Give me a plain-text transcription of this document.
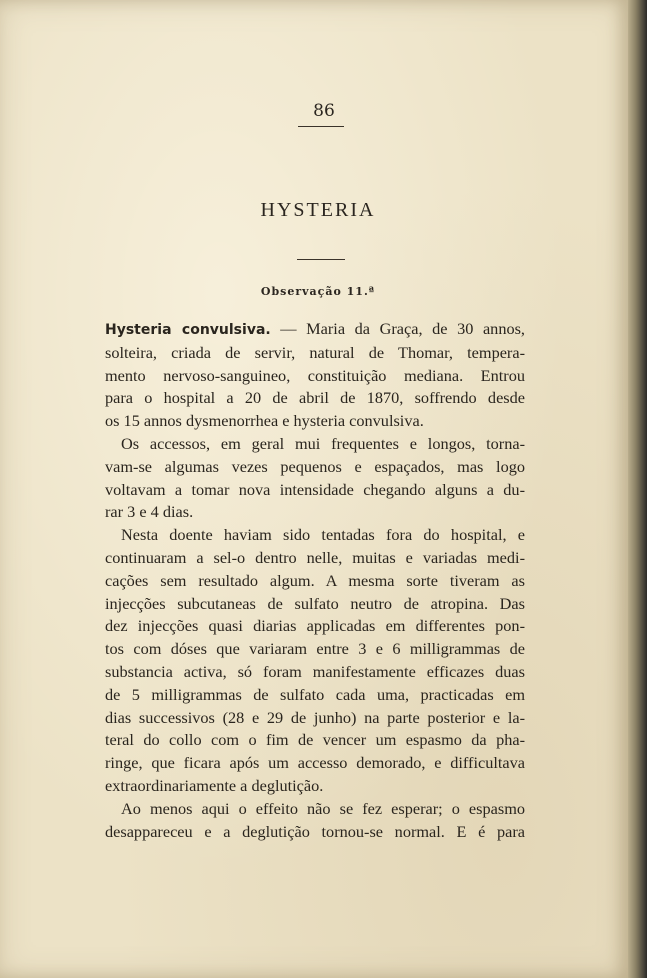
86
HYSTERIA
Observação 11.ª
Hysteria convulsiva. — Maria da Graça, de 30 annos,
solteira, criada de servir, natural de Thomar, tempera-
mento nervoso-sanguineo, constituição mediana. Entrou
para o hospital a 20 de abril de 1870, soffrendo desde
os 15 annos dysmenorrhea e hysteria convulsiva.
Os accessos, em geral mui frequentes e longos, torna-
vam-se algumas vezes pequenos e espaçados, mas logo
voltavam a tomar nova intensidade chegando alguns a du-
rar 3 e 4 dias.
Nesta doente haviam sido tentadas fora do hospital, e
continuaram a sel-o dentro nelle, muitas e variadas medi-
cações sem resultado algum. A mesma sorte tiveram as
injecções subcutaneas de sulfato neutro de atropina. Das
dez injecções quasi diarias applicadas em differentes pon-
tos com dóses que variaram entre 3 e 6 milligrammas de
substancia activa, só foram manifestamente efficazes duas
de 5 milligrammas de sulfato cada uma, practicadas em
dias successivos (28 e 29 de junho) na parte posterior e la-
teral do collo com o fim de vencer um espasmo da pha-
ringe, que ficara após um accesso demorado, e difficultava
extraordinariamente a deglutição.
Ao menos aqui o effeito não se fez esperar; o espasmo
desappareceu e a deglutição tornou-se normal. E é para
